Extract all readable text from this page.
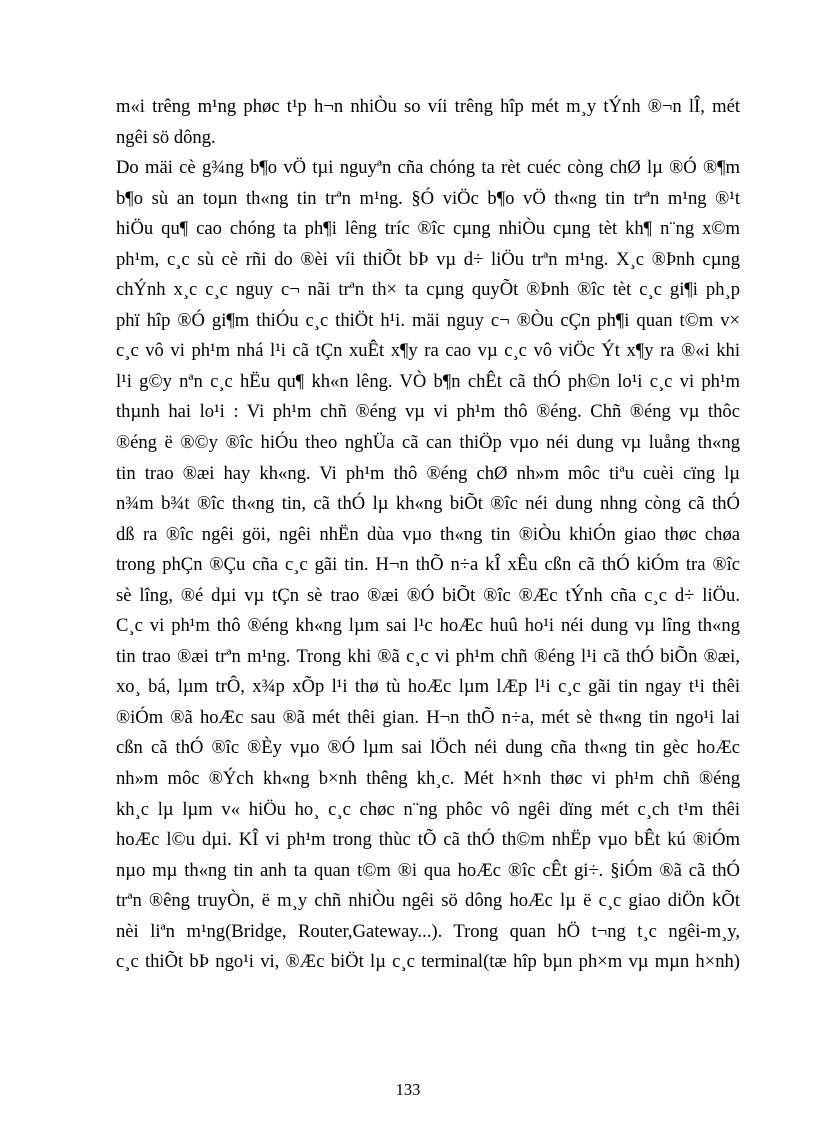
m«i trêng m¹ng phøc t¹p h¬n nhiÒu so víi trêng hîp mét m¸y tÝnh ®¬n lÎ, mét
ngêi sö dông.
Do mäi cè g¾ng b¶o vÖ tµi nguyªn cña chóng ta rèt cuéc còng chØ lµ ®Ó ®¶m
b¶o sù an toµn th«ng tin trªn m¹ng. §Ó viÖc b¶o vÖ th«ng tin trªn m¹ng ®¹t
hiÖu qu¶ cao chóng ta ph¶i lêng tríc ®îc cµng nhiÒu cµng tèt kh¶ n¨ng x©m
ph¹m, c¸c sù cè rñi do ®èi víi thiÕt bÞ vµ d÷ liÖu trªn m¹ng. X¸c ®Þnh cµng
chÝnh x¸c c¸c nguy c¬ nãi trªn th× ta cµng quyÕt ®Þnh ®îc tèt c¸c gi¶i ph¸p
phï hîp ®Ó gi¶m thiÓu c¸c thiÖt h¹i. mäi nguy c¬ ®Òu cÇn ph¶i quan t©m v×
c¸c vô vi ph¹m nhá l¹i cã tÇn xuÊt x¶y ra cao vµ c¸c vô viÖc Ýt x¶y ra ®«i khi
l¹i g©y nªn c¸c hËu qu¶ kh«n lêng. VÒ b¶n chÊt cã thÓ ph©n lo¹i c¸c vi ph¹m
thµnh hai lo¹i : Vi ph¹m chñ ®éng vµ vi ph¹m thô ®éng. Chñ ®éng vµ thôc
®éng ë ®©y ®îc hiÓu theo nghÜa cã can thiÖp vµo néi dung vµ luång th«ng
tin trao ®æi hay kh«ng. Vi ph¹m thô ®éng chØ nh»m môc tiªu cuèi cïng lµ
n¾m b¾t ®îc th«ng tin, cã thÓ lµ kh«ng biÕt ®îc néi dung nhng còng cã thÓ
dß ra ®îc ngêi göi, ngêi nhËn dùa vµo th«ng tin ®iÒu khiÓn giao thøc chøa
trong phÇn ®Çu cña c¸c gãi tin. H¬n thÕ n÷a kÎ xÊu cßn cã thÓ kiÓm tra ®îc
sè lîng, ®é dµi vµ tÇn sè trao ®æi ®Ó biÕt ®îc ®Æc tÝnh cña c¸c d÷ liÖu.
C¸c vi ph¹m thô ®éng kh«ng lµm sai l¹c hoÆc huû ho¹i néi dung vµ lîng th«ng
tin trao ®æi trªn m¹ng. Trong khi ®ã c¸c vi ph¹m chñ ®éng l¹i cã thÓ biÕn ®æi,
xo¸ bá, lµm trÔ, x¾p xÕp l¹i thø tù hoÆc lµm lÆp l¹i c¸c gãi tin ngay t¹i thêi
®iÓm ®ã hoÆc sau ®ã mét thêi gian. H¬n thÕ n÷a, mét sè th«ng tin ngo¹i lai
cßn cã thÓ ®îc ®Èy vµo ®Ó lµm sai lÖch néi dung cña th«ng tin gèc hoÆc
nh»m môc ®Ých kh«ng b×nh thêng kh¸c. Mét h×nh thøc vi ph¹m chñ ®éng
kh¸c lµ lµm v« hiÖu ho¸ c¸c chøc n¨ng phôc vô ngêi dïng mét c¸ch t¹m thêi
hoÆc l©u dµi. KÎ vi ph¹m trong thùc tÕ cã thÓ th©m nhËp vµo bÊt kú ®iÓm
nµo mµ th«ng tin anh ta quan t©m ®i qua hoÆc ®îc cÊt gi÷. §iÓm ®ã cã thÓ
trªn ®êng truyÒn, ë m¸y chñ nhiÒu ngêi sö dông hoÆc lµ ë c¸c giao diÖn kÕt
nèi liªn m¹ng(Bridge, Router,Gateway...). Trong quan hÖ t¬ng t¸c ngêi-m¸y,
c¸c thiÕt bÞ ngo¹i vi, ®Æc biÖt lµ c¸c terminal(tæ hîp bµn ph×m vµ mµn h×nh)
133
